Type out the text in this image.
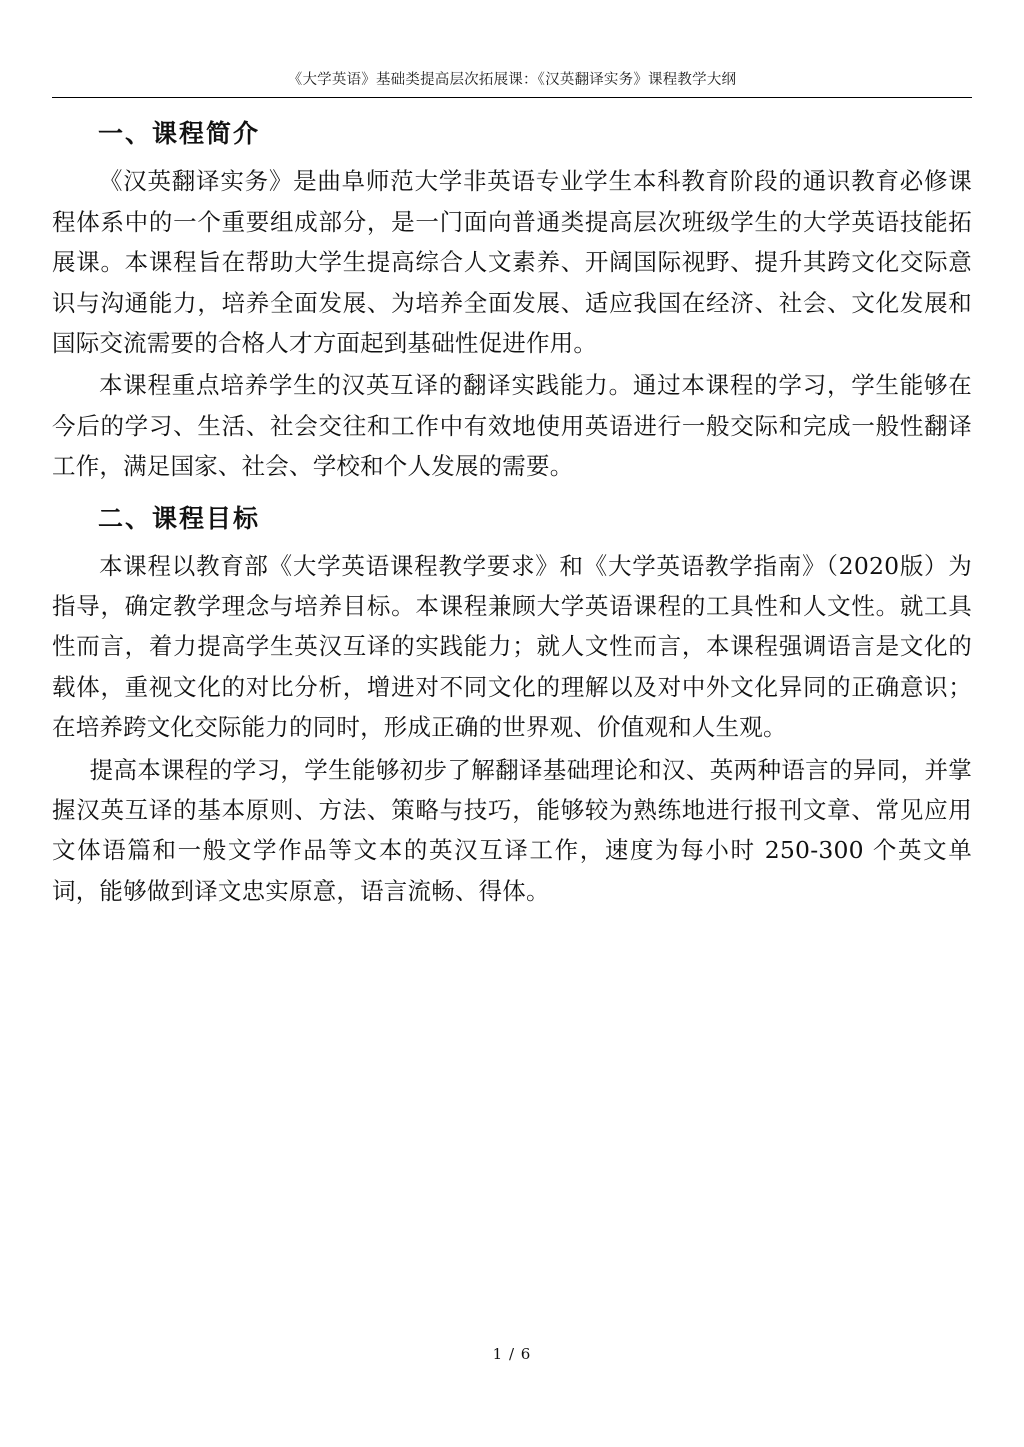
《大学英语》基础类提高层次拓展课：《汉英翻译实务》课程教学大纲
一、课程简介

《汉英翻译实务》是曲阜师范大学非英语专业学生本科教育阶段的通识教育必修课程体系中的一个重要组成部分，是一门面向普通类提高层次班级学生的大学英语技能拓展课。本课程旨在帮助大学生提高综合人文素养、开阔国际视野、提升其跨文化交际意识与沟通能力，培养全面发展、为培养全面发展、适应我国在经济、社会、文化发展和国际交流需要的合格人才方面起到基础性促进作用。

本课程重点培养学生的汉英互译的翻译实践能力。通过本课程的学习，学生能够在今后的学习、生活、社会交往和工作中有效地使用英语进行一般交际和完成一般性翻译工作，满足国家、社会、学校和个人发展的需要。

二、课程目标

本课程以教育部《大学英语课程教学要求》和《大学英语教学指南》（2020版）为指导，确定教学理念与培养目标。本课程兼顾大学英语课程的工具性和人文性。就工具性而言，着力提高学生英汉互译的实践能力；就人文性而言，本课程强调语言是文化的载体，重视文化的对比分析，增进对不同文化的理解以及对中外文化异同的正确意识；在培养跨文化交际能力的同时，形成正确的世界观、价值观和人生观。

提高本课程的学习，学生能够初步了解翻译基础理论和汉、英两种语言的异同，并掌握汉英互译的基本原则、方法、策略与技巧，能够较为熟练地进行报刊文章、常见应用文体语篇和一般文学作品等文本的英汉互译工作，速度为每小时 250-300 个英文单词，能够做到译文忠实原意，语言流畅、得体。

1 / 6
